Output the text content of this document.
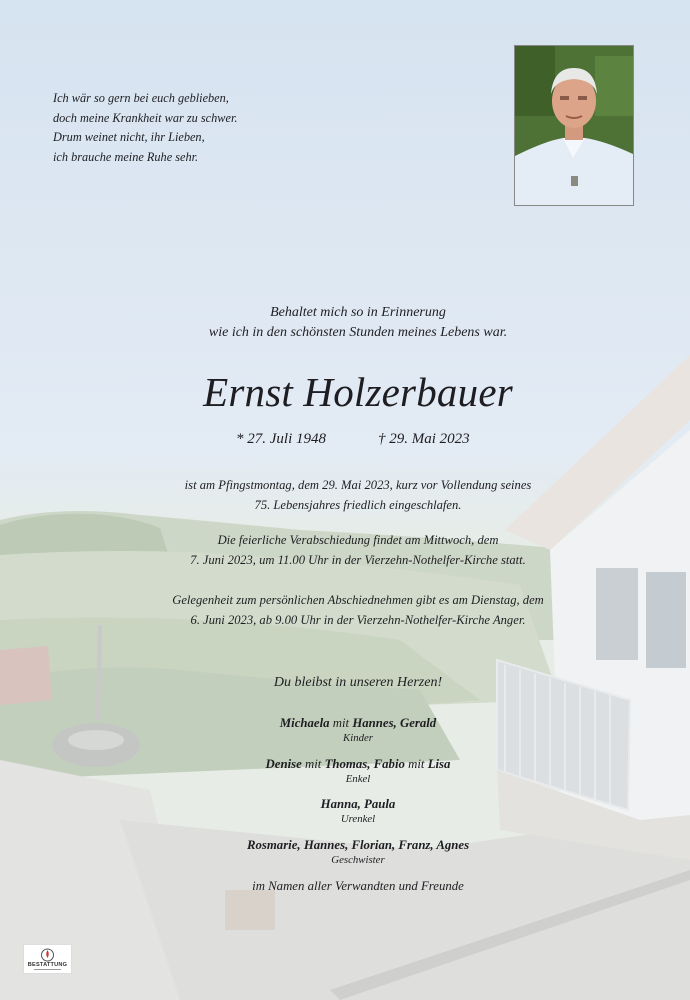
Ich wär so gern bei euch geblieben,
doch meine Krankheit war zu schwer.
Drum weinet nicht, ihr Lieben,
ich brauche meine Ruhe sehr.
Behaltet mich so in Erinnerung
wie ich in den schönsten Stunden meines Lebens war.
Ernst Holzerbauer
* 27. Juli 1948	† 29. Mai 2023
ist am Pfingstmontag, dem 29. Mai 2023, kurz vor Vollendung seines
75. Lebensjahres friedlich eingeschlafen.
Die feierliche Verabschiedung findet am Mittwoch, dem
7. Juni 2023, um 11.00 Uhr in der Vierzehn-Nothelfer-Kirche statt.
Gelegenheit zum persönlichen Abschiednehmen gibt es am Dienstag, dem
6. Juni 2023, ab 9.00 Uhr in der Vierzehn-Nothelfer-Kirche Anger.
Du bleibst in unseren Herzen!
Michaela mit Hannes, Gerald
Kinder
Denise mit Thomas, Fabio mit Lisa
Enkel
Hanna, Paula
Urenkel
Rosmarie, Hannes, Florian, Franz, Agnes
Geschwister
im Namen aller Verwandten und Freunde
BESTATTUNG
